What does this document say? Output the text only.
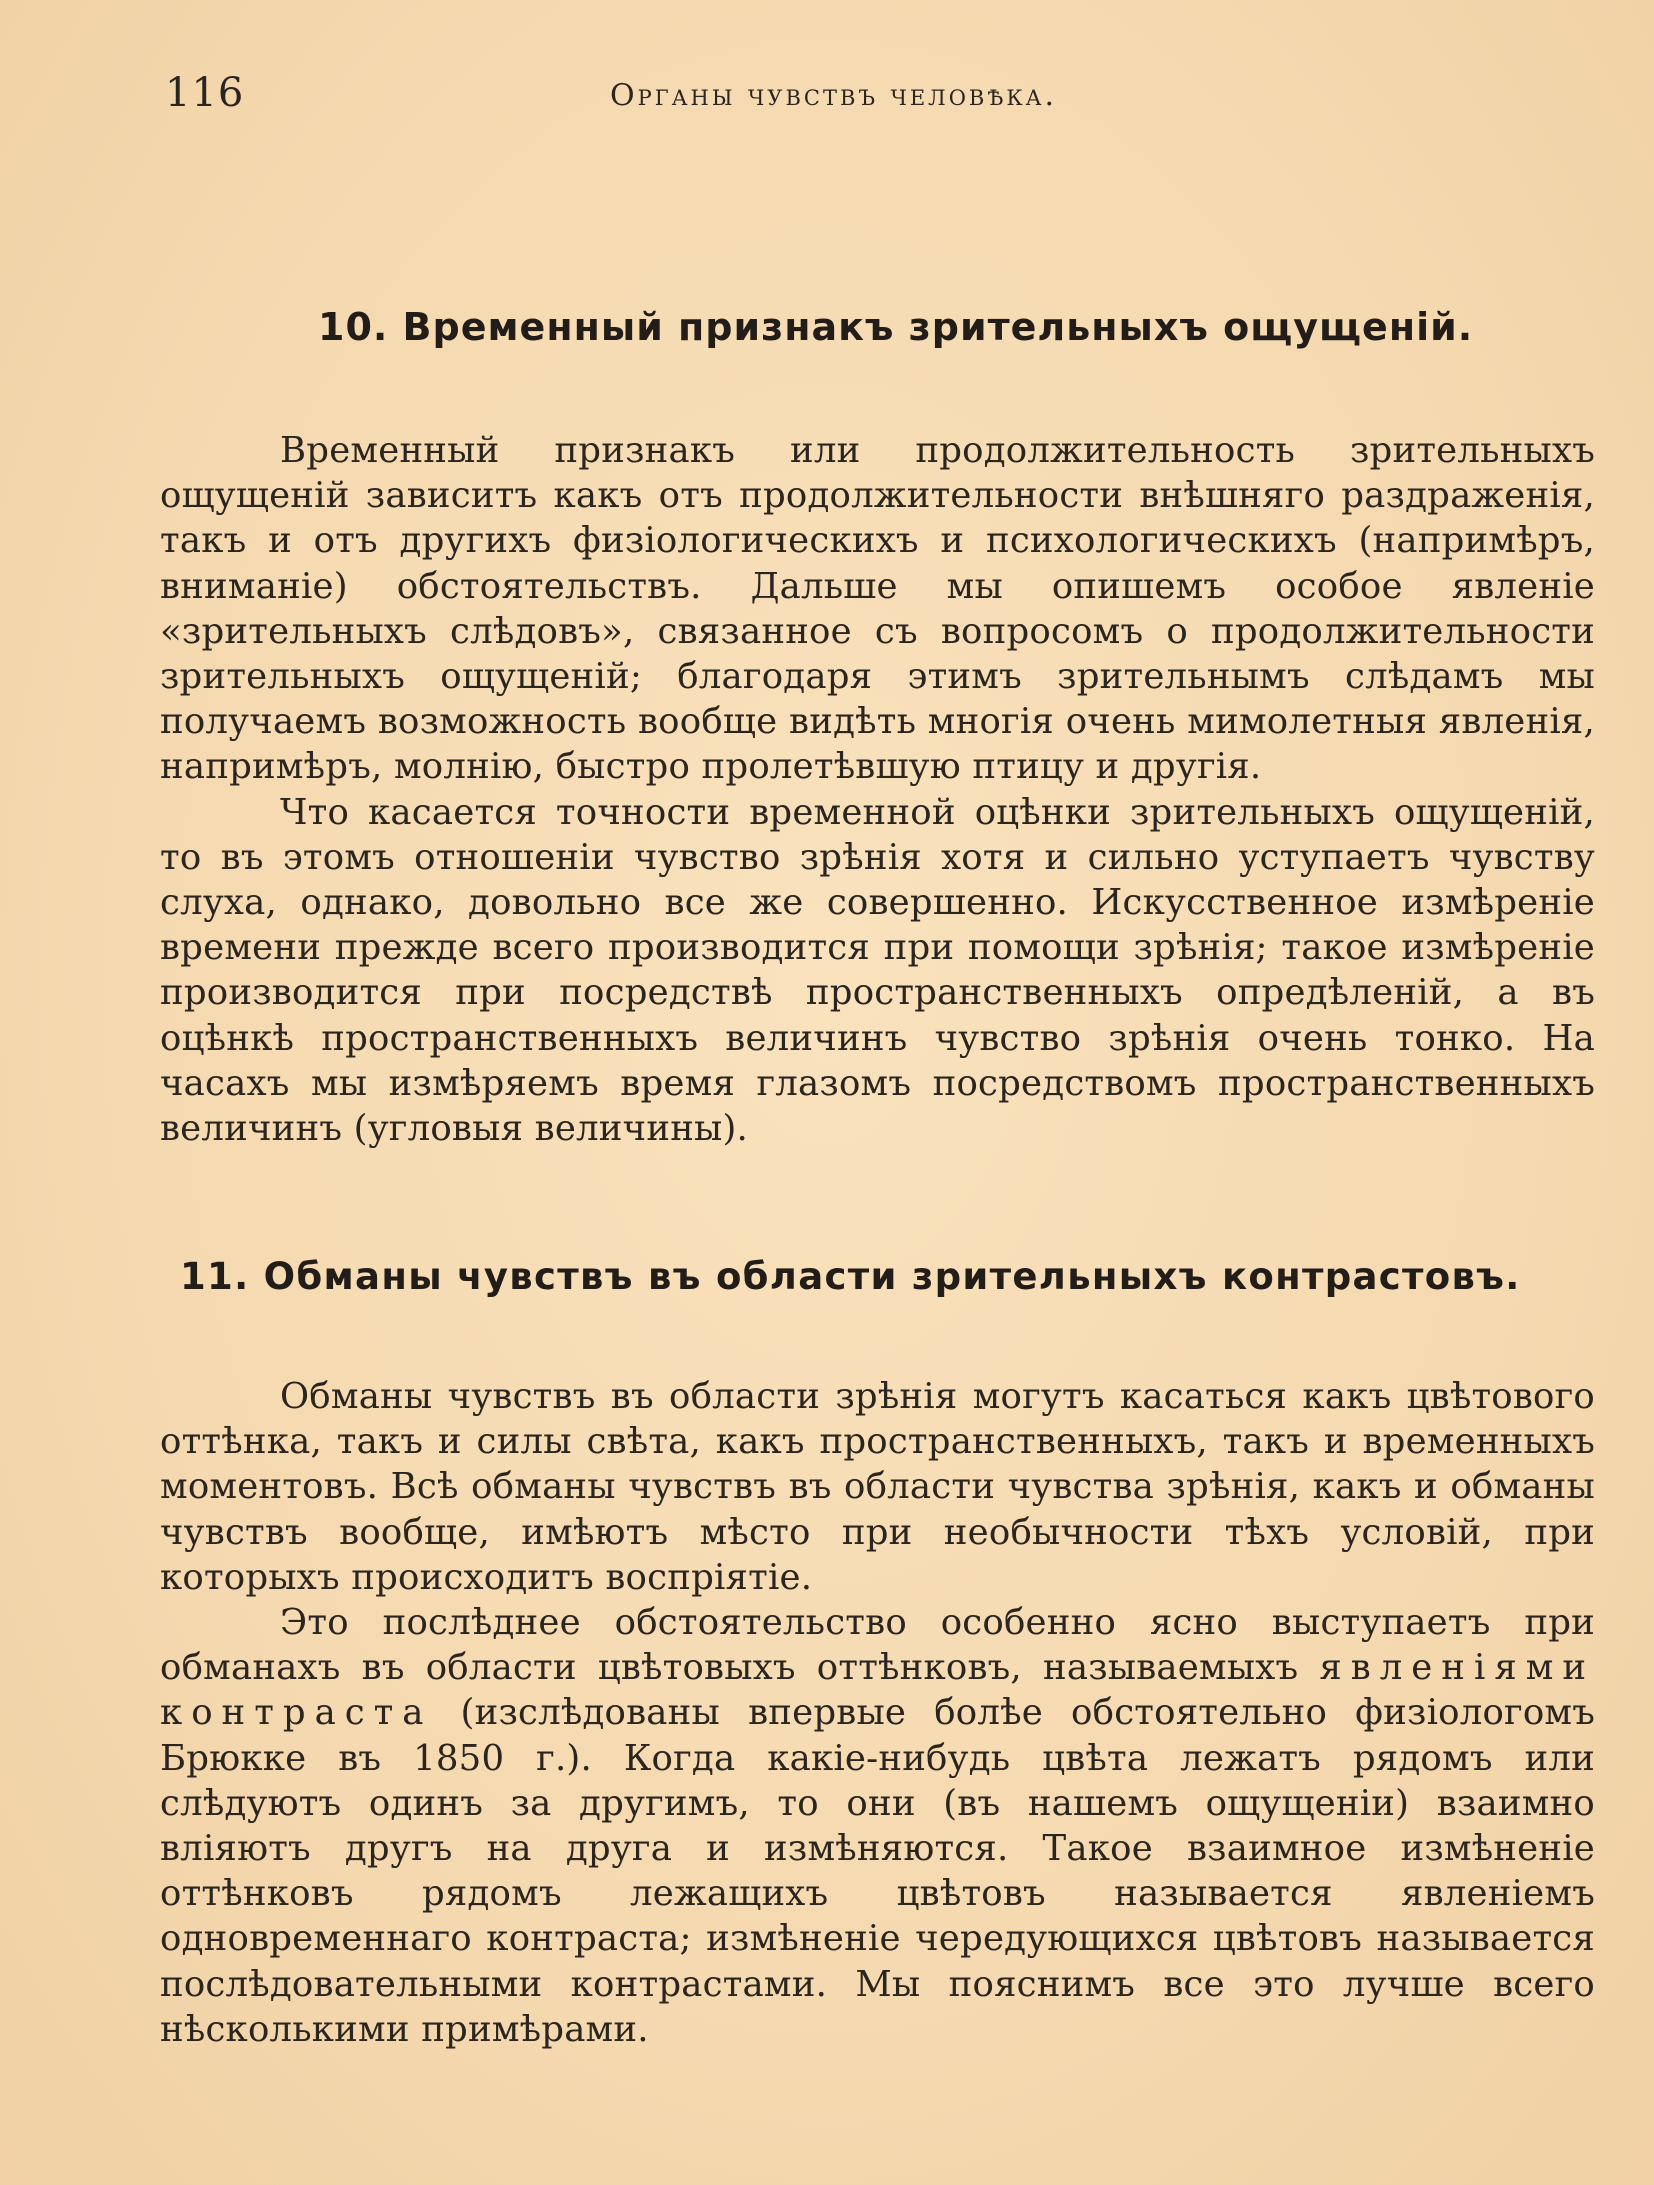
116	Органы чувствъ человѣка.
10. Временный признакъ зрительныхъ ощущенiй.

Временный признакъ или продолжительность зрительныхъ ощущенiй зависитъ какъ отъ продолжительности внѣшняго раздраженiя, такъ и отъ другихъ физiологическихъ и психологическихъ (напримѣръ, вниманiе) обстоятельствъ. Дальше мы опишемъ особое явленiе «зрительныхъ слѣдовъ», связанное съ вопросомъ о продолжительности зрительныхъ ощущенiй; благодаря этимъ зрительнымъ слѣдамъ мы получаемъ возможность вообще видѣть многiя очень мимолетныя явленiя, напримѣръ, молнiю, быстро пролетѣвшую птицу и другiя.

Что касается точности временной оцѣнки зрительныхъ ощущенiй, то въ этомъ отношенiи чувство зрѣнiя хотя и сильно уступаетъ чувству слуха, однако, довольно все же совершенно. Искусственное измѣренiе времени прежде всего производится при помощи зрѣнiя; такое измѣренiе производится при посредствѣ пространственныхъ опредѣленiй, а въ оцѣнкѣ пространственныхъ величинъ чувство зрѣнiя очень тонко. На часахъ мы измѣряемъ время глазомъ посредствомъ пространственныхъ величинъ (угловыя величины).

11. Обманы чувствъ въ области зрительныхъ контрастовъ.

Обманы чувствъ въ области зрѣнiя могутъ касаться какъ цвѣтового оттѣнка, такъ и силы свѣта, какъ пространственныхъ, такъ и временныхъ моментовъ. Всѣ обманы чувствъ въ области чувства зрѣнiя, какъ и обманы чувствъ вообще, имѣютъ мѣсто при необычности тѣхъ условiй, при которыхъ происходитъ воспрiятiе.

Это послѣднее обстоятельство особенно ясно выступаетъ при обманахъ въ области цвѣтовыхъ оттѣнковъ, называемыхъ явленiями контраста (изслѣдованы впервые болѣе обстоятельно физiологомъ Брюкке въ 1850 г.). Когда какiе-нибудь цвѣта лежатъ рядомъ или слѣдуютъ одинъ за другимъ, то они (въ нашемъ ощущенiи) взаимно влiяютъ другъ на друга и измѣняются. Такое взаимное измѣненiе оттѣнковъ рядомъ лежащихъ цвѣтовъ называется явленiемъ одновременнаго контраста; измѣненiе чередующихся цвѣтовъ называется послѣдовательными контрастами. Мы пояснимъ все это лучше всего нѣсколькими примѣрами.
